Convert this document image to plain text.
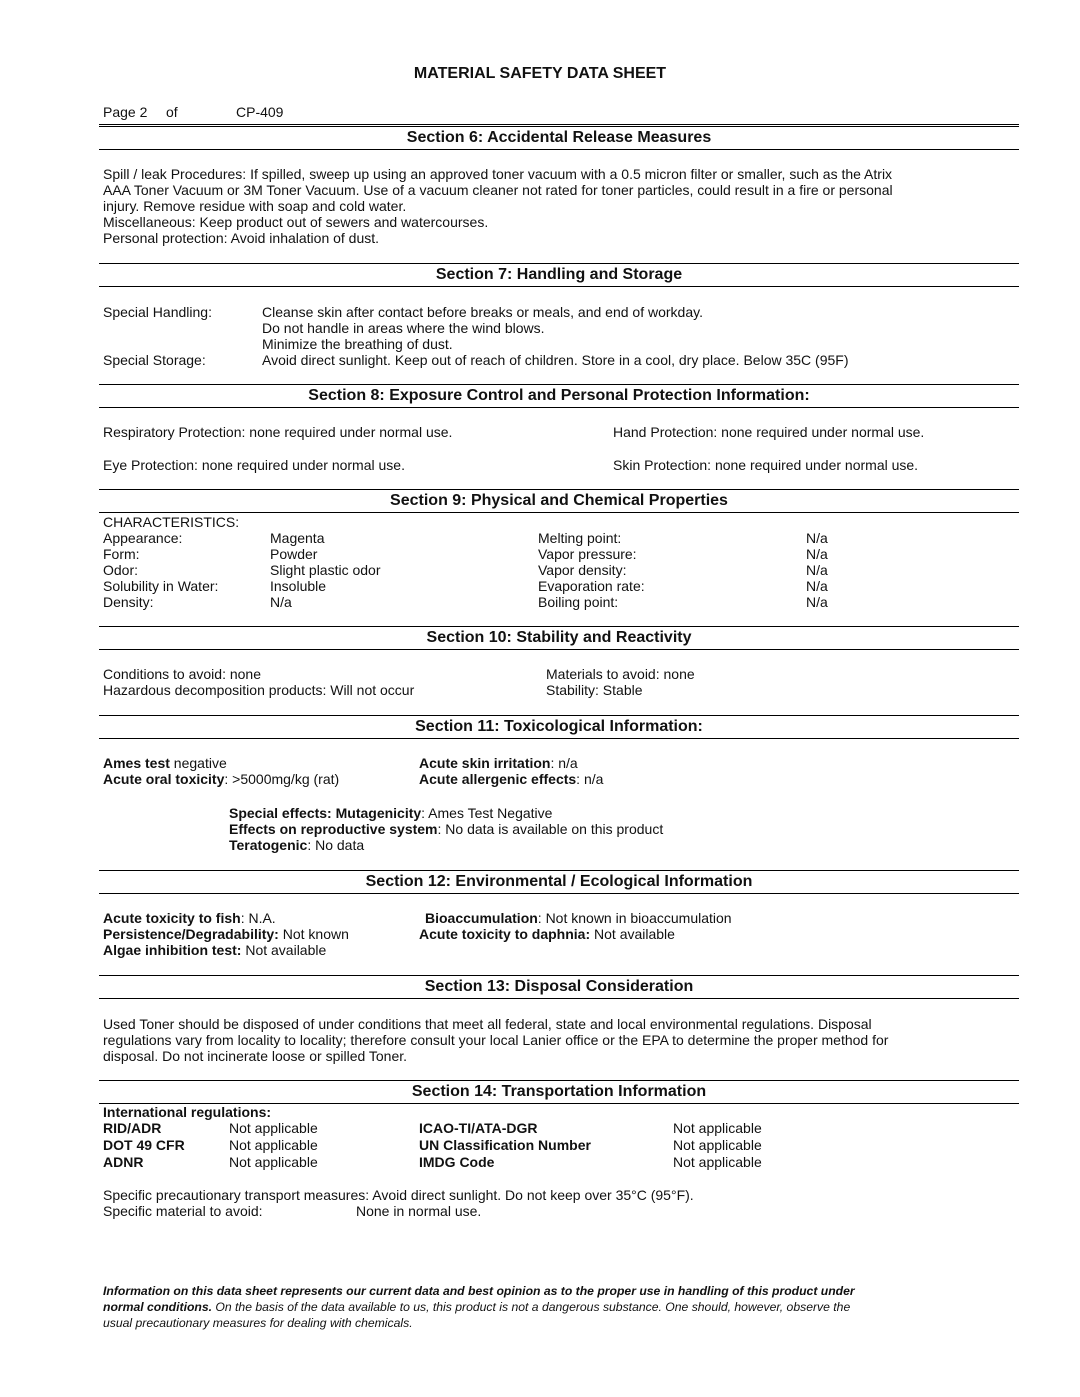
MATERIAL SAFETY DATA SHEET
Page 2 of	CP-409
Section 6: Accidental Release Measures
Spill / leak Procedures: If spilled, sweep up using an approved toner vacuum with a 0.5 micron filter or smaller, such as the Atrix
AAA Toner Vacuum or 3M Toner Vacuum. Use of a vacuum cleaner not rated for toner particles, could result in a fire or personal
injury. Remove residue with soap and cold water.
Miscellaneous: Keep product out of sewers and watercourses.
Personal protection: Avoid inhalation of dust.
Section 7: Handling and Storage
Special Handling:	Cleanse skin after contact before breaks or meals, and end of workday.
Do not handle in areas where the wind blows.
Minimize the breathing of dust.
Special Storage:	Avoid direct sunlight. Keep out of reach of children. Store in a cool, dry place. Below 35C (95F)
Section 8: Exposure Control and Personal Protection Information:
Respiratory Protection: none required under normal use.	Hand Protection: none required under normal use.
Eye Protection: none required under normal use.	Skin Protection: none required under normal use.
Section 9: Physical and Chemical Properties
CHARACTERISTICS:
Appearance:	Magenta
Form:	Powder
Odor:	Slight plastic odor
Solubility in Water:	Insoluble
Density:	N/a
Melting point:	N/a
Vapor pressure:	N/a
Vapor density:	N/a
Evaporation rate:	N/a
Boiling point:	N/a
Section 10: Stability and Reactivity
Conditions to avoid: none
Hazardous decomposition products: Will not occur
Materials to avoid: none
Stability: Stable
Section 11: Toxicological Information:
Ames test negative
Acute oral toxicity: >5000mg/kg (rat)
Acute skin irritation: n/a
Acute allergenic effects: n/a
Special effects: Mutagenicity: Ames Test Negative
Effects on reproductive system: No data is available on this product
Teratogenic: No data
Section 12: Environmental / Ecological Information
Acute toxicity to fish: N.A.
Persistence/Degradability: Not known
Algae inhibition test: Not available
Bioaccumulation: Not known in bioaccumulation
Acute toxicity to daphnia: Not available
Section 13: Disposal Consideration
Used Toner should be disposed of under conditions that meet all federal, state and local environmental regulations. Disposal
regulations vary from locality to locality; therefore consult your local Lanier office or the EPA to determine the proper method for
disposal. Do not incinerate loose or spilled Toner.
Section 14: Transportation Information
International regulations:
RID/ADR	Not applicable
DOT 49 CFR	Not applicable
ADNR	Not applicable
ICAO-TI/ATA-DGR	Not applicable
UN Classification Number	Not applicable
IMDG Code	Not applicable
Specific precautionary transport measures: Avoid direct sunlight. Do not keep over 35°C (95°F).
Specific material to avoid:	None in normal use.
Information on this data sheet represents our current data and best opinion as to the proper use in handling of this product under
normal conditions. On the basis of the data available to us, this product is not a dangerous substance. One should, however, observe the
usual precautionary measures for dealing with chemicals.
